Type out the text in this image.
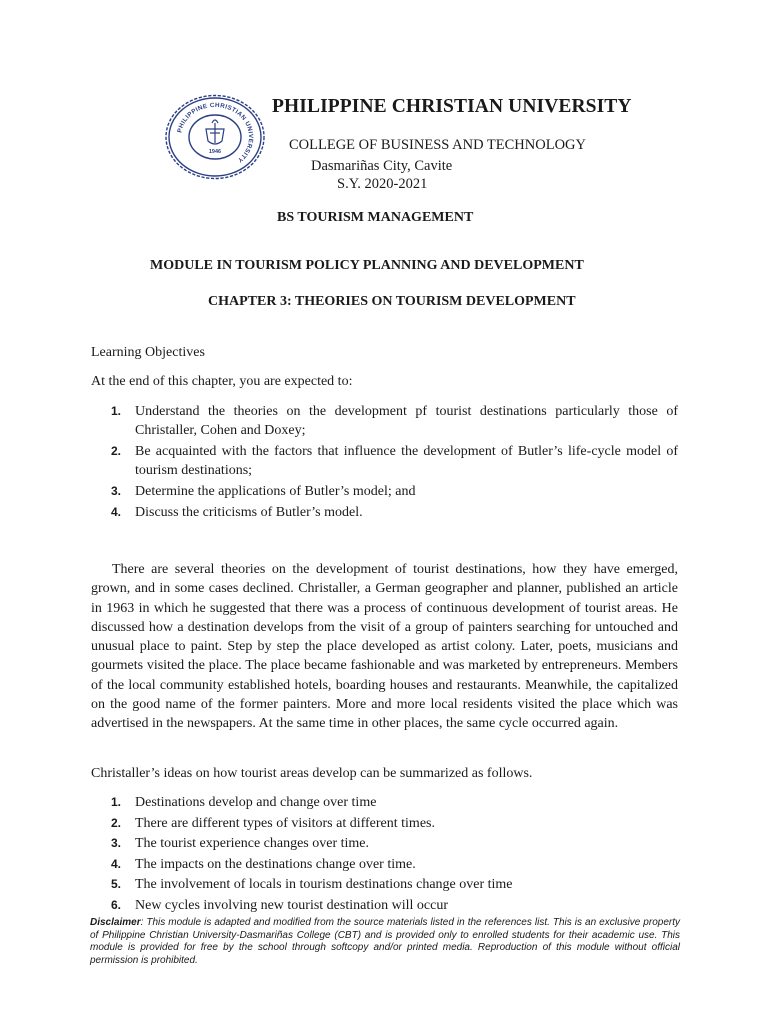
PHILIPPINE CHRISTIAN UNIVERSITY
1946
PHILIPPINE CHRISTIAN UNIVERSITY
COLLEGE OF BUSINESS AND TECHNOLOGY
Dasmariñas City, Cavite
S.Y. 2020-2021
BS TOURISM MANAGEMENT
MODULE IN TOURISM POLICY PLANNING AND DEVELOPMENT
CHAPTER 3: THEORIES ON TOURISM DEVELOPMENT
Learning Objectives
At the end of this chapter, you are expected to:
1. Understand the theories on the development pf tourist destinations particularly those of Christaller, Cohen and Doxey;
2. Be acquainted with the factors that influence the development of Butler’s life-cycle model of tourism destinations;
3. Determine the applications of Butler’s model; and
4. Discuss the criticisms of Butler’s model.

There are several theories on the development of tourist destinations, how they have emerged, grown, and in some cases declined. Christaller, a German geographer and planner, published an article in 1963 in which he suggested that there was a process of continuous development of tourist areas. He discussed how a destination develops from the visit of a group of painters searching for untouched and unusual place to paint. Step by step the place developed as artist colony. Later, poets, musicians and gourmets visited the place. The place became fashionable and was marketed by entrepreneurs. Members of the local community established hotels, boarding houses and restaurants. Meanwhile, the capitalized on the good name of the former painters. More and more local residents visited the place which was advertised in the newspapers. At the same time in other places, the same cycle occurred again.

Christaller’s ideas on how tourist areas develop can be summarized as follows.
1. Destinations develop and change over time
2. There are different types of visitors at different times.
3. The tourist experience changes over time.
4. The impacts on the destinations change over time.
5. The involvement of locals in tourism destinations change over time
6. New cycles involving new tourist destination will occur

Disclaimer: This module is adapted and modified from the source materials listed in the references list. This is an exclusive property of Philippine Christian University-Dasmariñas College (CBT) and is provided only to enrolled students for their academic use. This module is provided for free by the school through softcopy and/or printed media. Reproduction of this module without official permission is prohibited.
